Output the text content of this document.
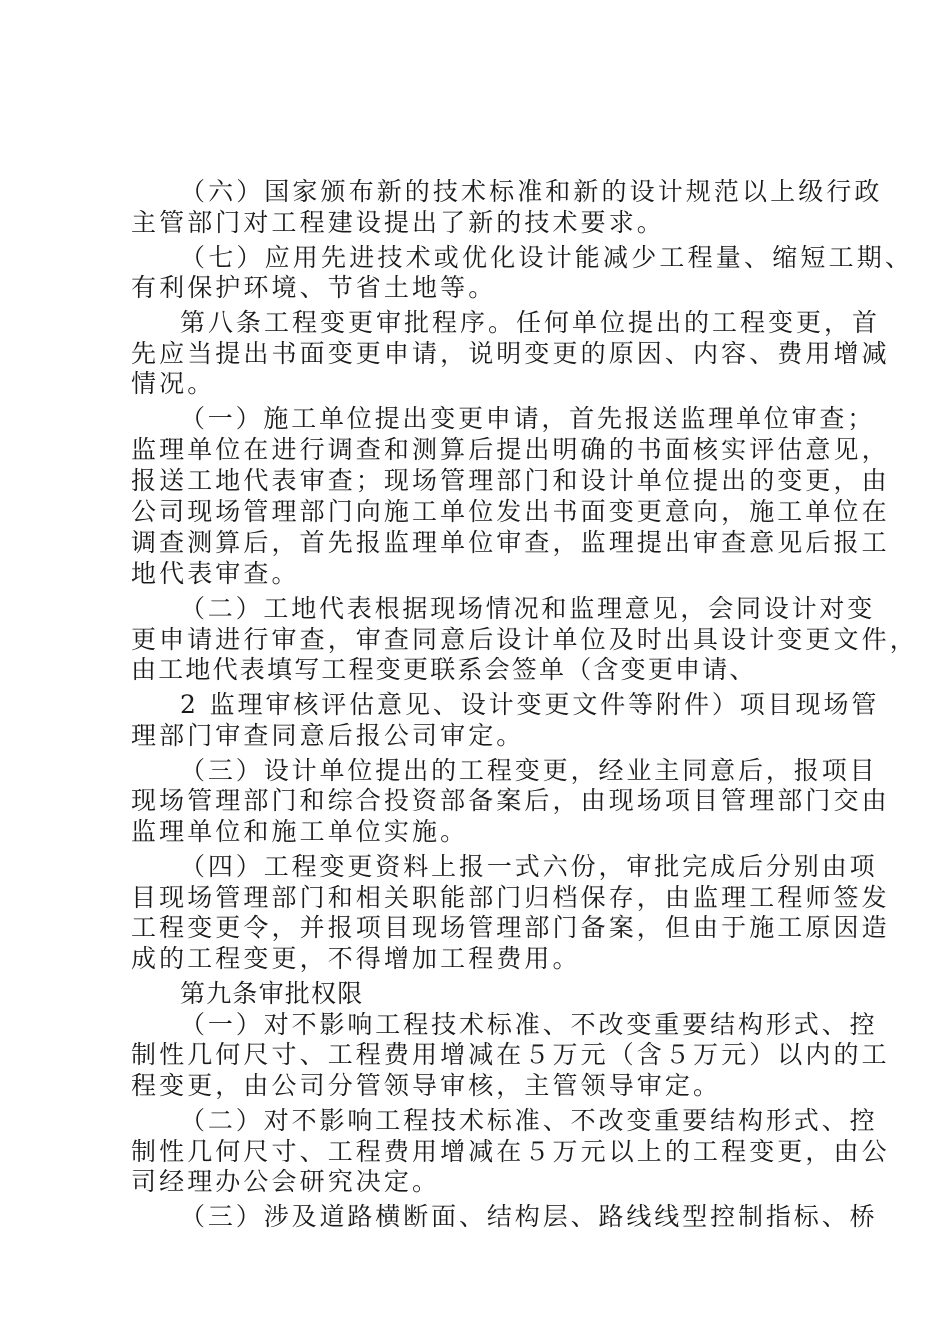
（六）国家颁布新的技术标准和新的设计规范以上级行政
主管部门对工程建设提出了新的技术要求。
（七）应用先进技术或优化设计能减少工程量、缩短工期、
有利保护环境、节省土地等。
第八条工程变更审批程序。任何单位提出的工程变更，首
先应当提出书面变更申请，说明变更的原因、内容、费用增减
情况。
（一）施工单位提出变更申请，首先报送监理单位审查；
监理单位在进行调查和测算后提出明确的书面核实评估意见，
报送工地代表审查；现场管理部门和设计单位提出的变更，由
公司现场管理部门向施工单位发出书面变更意向，施工单位在
调查测算后，首先报监理单位审查，监理提出审查意见后报工
地代表审查。
（二）工地代表根据现场情况和监理意见，会同设计对变
更申请进行审查，审查同意后设计单位及时出具设计变更文件，
由工地代表填写工程变更联系会签单（含变更申请、
2 监理审核评估意见、设计变更文件等附件）项目现场管
理部门审查同意后报公司审定。
（三）设计单位提出的工程变更，经业主同意后，报项目
现场管理部门和综合投资部备案后，由现场项目管理部门交由
监理单位和施工单位实施。
（四）工程变更资料上报一式六份，审批完成后分别由项
目现场管理部门和相关职能部门归档保存，由监理工程师签发
工程变更令，并报项目现场管理部门备案，但由于施工原因造
成的工程变更，不得增加工程费用。
第九条审批权限
（一）对不影响工程技术标准、不改变重要结构形式、控
制性几何尺寸、工程费用增减在５万元（含５万元）以内的工
程变更，由公司分管领导审核，主管领导审定。
（二）对不影响工程技术标准、不改变重要结构形式、控
制性几何尺寸、工程费用增减在５万元以上的工程变更，由公
司经理办公会研究决定。
（三）涉及道路横断面、结构层、路线线型控制指标、桥
